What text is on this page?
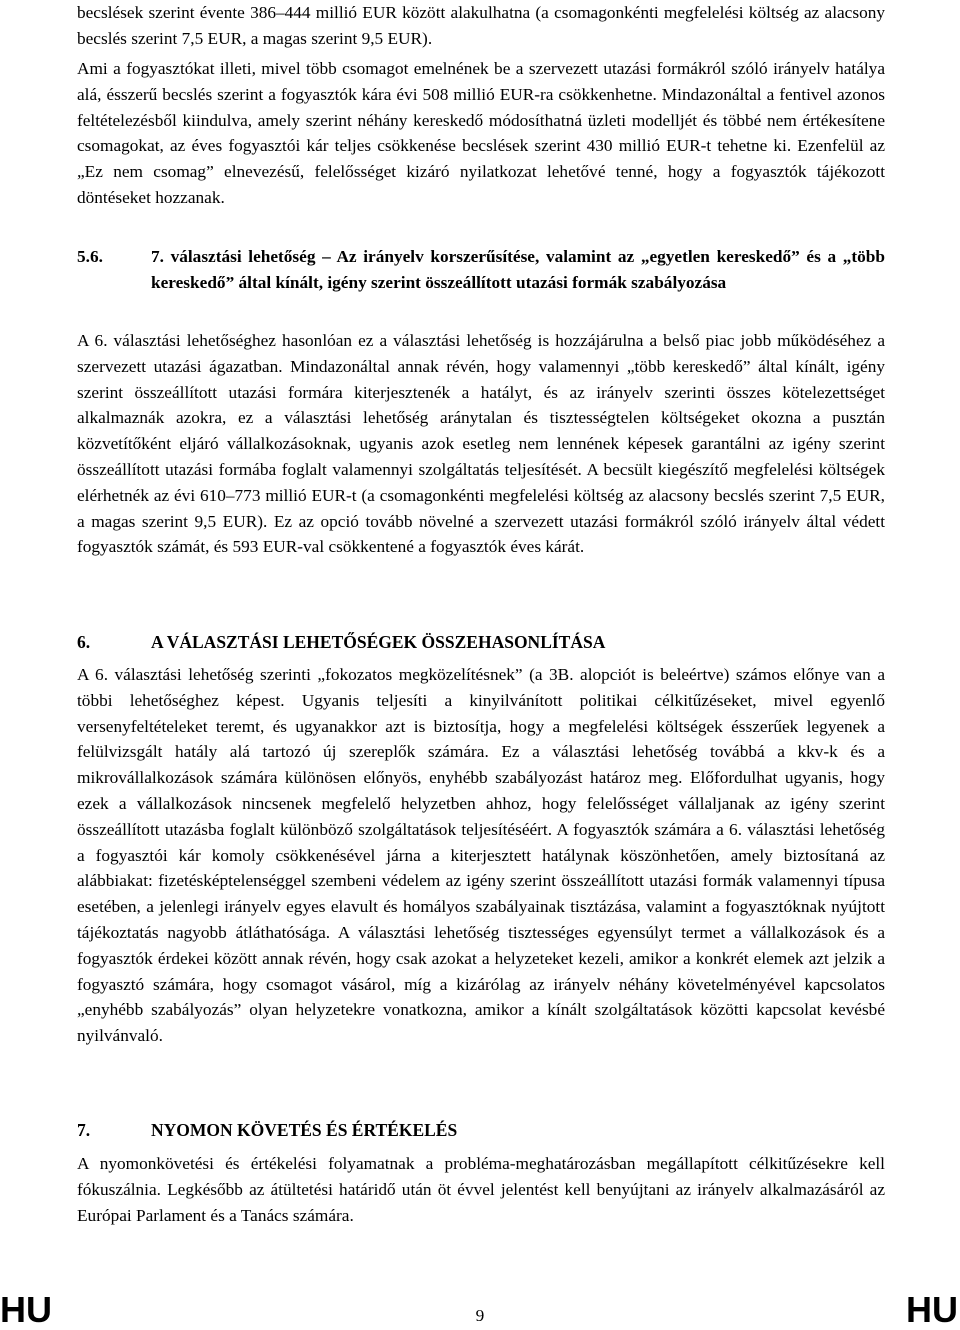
becslések szerint évente 386–444 millió EUR között alakulhatna (a csomagonkénti megfelelési költség az alacsony becslés szerint 7,5 EUR, a magas szerint 9,5 EUR).

Ami a fogyasztókat illeti, mivel több csomagot emelnének be a szervezett utazási formákról szóló irányelv hatálya alá, ésszerű becslés szerint a fogyasztók kára évi 508 millió EUR-ra csökkenhetne. Mindazonáltal a fentivel azonos feltételezésből kiindulva, amely szerint néhány kereskedő módosíthatná üzleti modelljét és többé nem értékesítene csomagokat, az éves fogyasztói kár teljes csökkenése becslések szerint 430 millió EUR-t tehetne ki. Ezenfelül az „Ez nem csomag” elnevezésű, felelősséget kizáró nyilatkozat lehetővé tenné, hogy a fogyasztók tájékozott döntéseket hozzanak.

5.6.	7. választási lehetőség – Az irányelv korszerűsítése, valamint az „egyetlen kereskedő” és a „több kereskedő” által kínált, igény szerint összeállított utazási formák szabályozása

A 6. választási lehetőséghez hasonlóan ez a választási lehetőség is hozzájárulna a belső piac jobb működéséhez a szervezett utazási ágazatban. Mindazonáltal annak révén, hogy valamennyi „több kereskedő” által kínált, igény szerint összeállított utazási formára kiterjesztenék a hatályt, és az irányelv szerinti összes kötelezettséget alkalmaznák azokra, ez a választási lehetőség aránytalan és tisztességtelen költségeket okozna a pusztán közvetítőként eljáró vállalkozásoknak, ugyanis azok esetleg nem lennének képesek garantálni az igény szerint összeállított utazási formába foglalt valamennyi szolgáltatás teljesítését. A becsült kiegészítő megfelelési költségek elérhetnék az évi 610–773 millió EUR-t (a csomagonkénti megfelelési költség az alacsony becslés szerint 7,5 EUR, a magas szerint 9,5 EUR). Ez az opció tovább növelné a szervezett utazási formákról szóló irányelv által védett fogyasztók számát, és 593 EUR-val csökkentené a fogyasztók éves kárát.

6.	A VÁLASZTÁSI LEHETŐSÉGEK ÖSSZEHASONLÍTÁSA

A 6. választási lehetőség szerinti „fokozatos megközelítésnek” (a 3B. alopciót is beleértve) számos előnye van a többi lehetőséghez képest. Ugyanis teljesíti a kinyilvánított politikai célkitűzéseket, mivel egyenlő versenyfeltételeket teremt, és ugyanakkor azt is biztosítja, hogy a megfelelési költségek ésszerűek legyenek a felülvizsgált hatály alá tartozó új szereplők számára. Ez a választási lehetőség továbbá a kkv-k és a mikrovállalkozások számára különösen előnyös, enyhébb szabályozást határoz meg. Előfordulhat ugyanis, hogy ezek a vállalkozások nincsenek megfelelő helyzetben ahhoz, hogy felelősséget vállaljanak az igény szerint összeállított utazásba foglalt különböző szolgáltatások teljesítéséért. A fogyasztók számára a 6. választási lehetőség a fogyasztói kár komoly csökkenésével járna a kiterjesztett hatálynak köszönhetően, amely biztosítaná az alábbiakat: fizetésképtelenséggel szembeni védelem az igény szerint összeállított utazási formák valamennyi típusa esetében, a jelenlegi irányelv egyes elavult és homályos szabályainak tisztázása, valamint a fogyasztóknak nyújtott tájékoztatás nagyobb átláthatósága. A választási lehetőség tisztességes egyensúlyt termet a vállalkozások és a fogyasztók érdekei között annak révén, hogy csak azokat a helyzeteket kezeli, amikor a konkrét elemek azt jelzik a fogyasztó számára, hogy csomagot vásárol, míg a kizárólag az irányelv néhány követelményével kapcsolatos „enyhébb szabályozás” olyan helyzetekre vonatkozna, amikor a kínált szolgáltatások közötti kapcsolat kevésbé nyilvánvaló.

7.	NYOMON KÖVETÉS ÉS ÉRTÉKELÉS

A nyomonkövetési és értékelési folyamatnak a probléma-meghatározásban megállapított célkitűzésekre kell fókuszálnia. Legkésőbb az átültetési határidő után öt évvel jelentést kell benyújtani az irányelv alkalmazásáról az Európai Parlament és a Tanács számára.

HU	9	HU
